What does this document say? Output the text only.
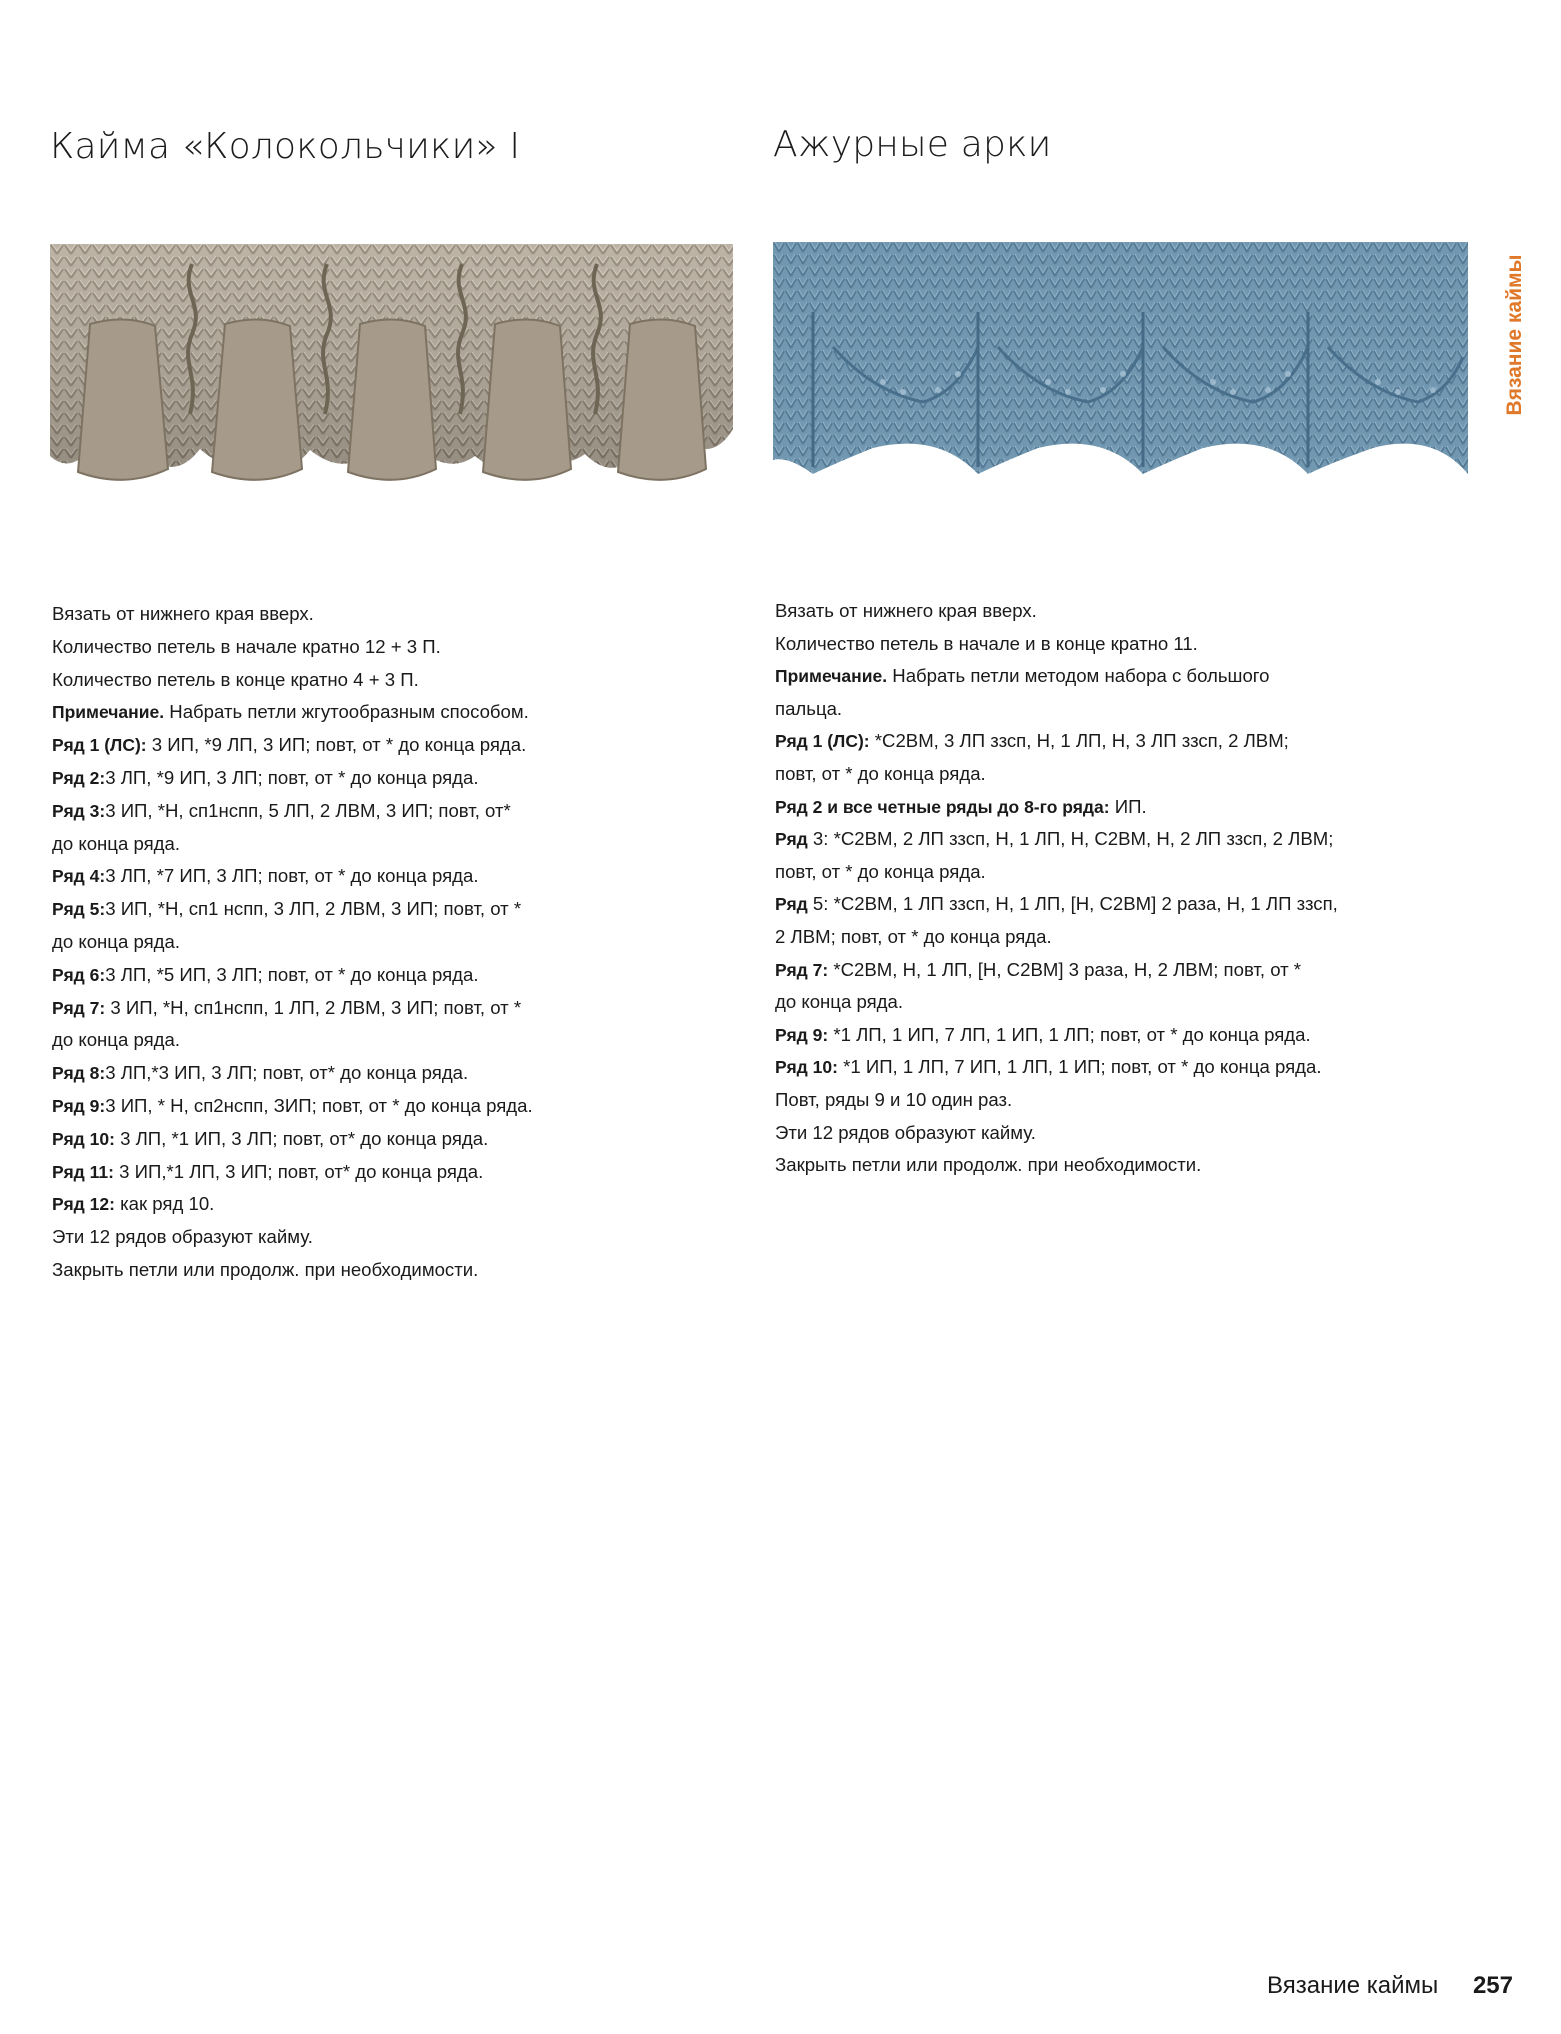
Кайма «Колокольчики» I
Вязать от нижнего края вверх.
Количество петель в начале кратно 12 + 3 П.
Количество петель в конце кратно 4 + 3 П.
Примечание. Набрать петли жгутообразным способом.
Ряд 1 (ЛС): 3 ИП, *9 ЛП, 3 ИП; повт, от * до конца ряда.
Ряд 2:3 ЛП, *9 ИП, 3 ЛП; повт, от * до конца ряда.
Ряд 3:3 ИП, *Н, сп1нспп, 5 ЛП, 2 ЛВМ, 3 ИП; повт, от*
до конца ряда.
Ряд 4:3 ЛП, *7 ИП, 3 ЛП; повт, от * до конца ряда.
Ряд 5:3 ИП, *Н, сп1 нспп, 3 ЛП, 2 ЛВМ, 3 ИП; повт, от *
до конца ряда.
Ряд 6:3 ЛП, *5 ИП, 3 ЛП; повт, от * до конца ряда.
Ряд 7: 3 ИП, *Н, сп1нспп, 1 ЛП, 2 ЛВМ, 3 ИП; повт, от *
до конца ряда.
Ряд 8:3 ЛП,*3 ИП, 3 ЛП; повт, от* до конца ряда.
Ряд 9:3 ИП, * Н, сп2нспп, ЗИП; повт, от * до конца ряда.
Ряд 10: 3 ЛП, *1 ИП, 3 ЛП; повт, от* до конца ряда.
Ряд 11: 3 ИП,*1 ЛП, 3 ИП; повт, от* до конца ряда.
Ряд 12: как ряд 10.
Эти 12 рядов образуют кайму.
Закрыть петли или продолж. при необходимости.
Ажурные арки
Вязать от нижнего края вверх.
Количество петель в начале и в конце кратно 11.
Примечание. Набрать петли методом набора с большого
пальца.
Ряд 1 (ЛС): *С2ВМ, 3 ЛП ззсп, Н, 1 ЛП, Н, 3 ЛП ззсп, 2 ЛВМ;
повт, от * до конца ряда.
Ряд 2 и все четные ряды до 8-го ряда: ИП.
Ряд 3: *С2ВМ, 2 ЛП ззсп, Н, 1 ЛП, Н, С2ВМ, Н, 2 ЛП ззсп, 2 ЛВМ;
повт, от * до конца ряда.
Ряд 5: *С2ВМ, 1 ЛП ззсп, Н, 1 ЛП, [Н, С2ВМ] 2 раза, Н, 1 ЛП ззсп,
2 ЛВМ; повт, от * до конца ряда.
Ряд 7: *С2ВМ, Н, 1 ЛП, [Н, С2ВМ] 3 раза, Н, 2 ЛВМ; повт, от *
до конца ряда.
Ряд 9: *1 ЛП, 1 ИП, 7 ЛП, 1 ИП, 1 ЛП; повт, от * до конца ряда.
Ряд 10: *1 ИП, 1 ЛП, 7 ИП, 1 ЛП, 1 ИП; повт, от * до конца ряда.
Повт, ряды 9 и 10 один раз.
Эти 12 рядов образуют кайму.
Закрыть петли или продолж. при необходимости.
Вязание каймы
Вязание каймы 257
